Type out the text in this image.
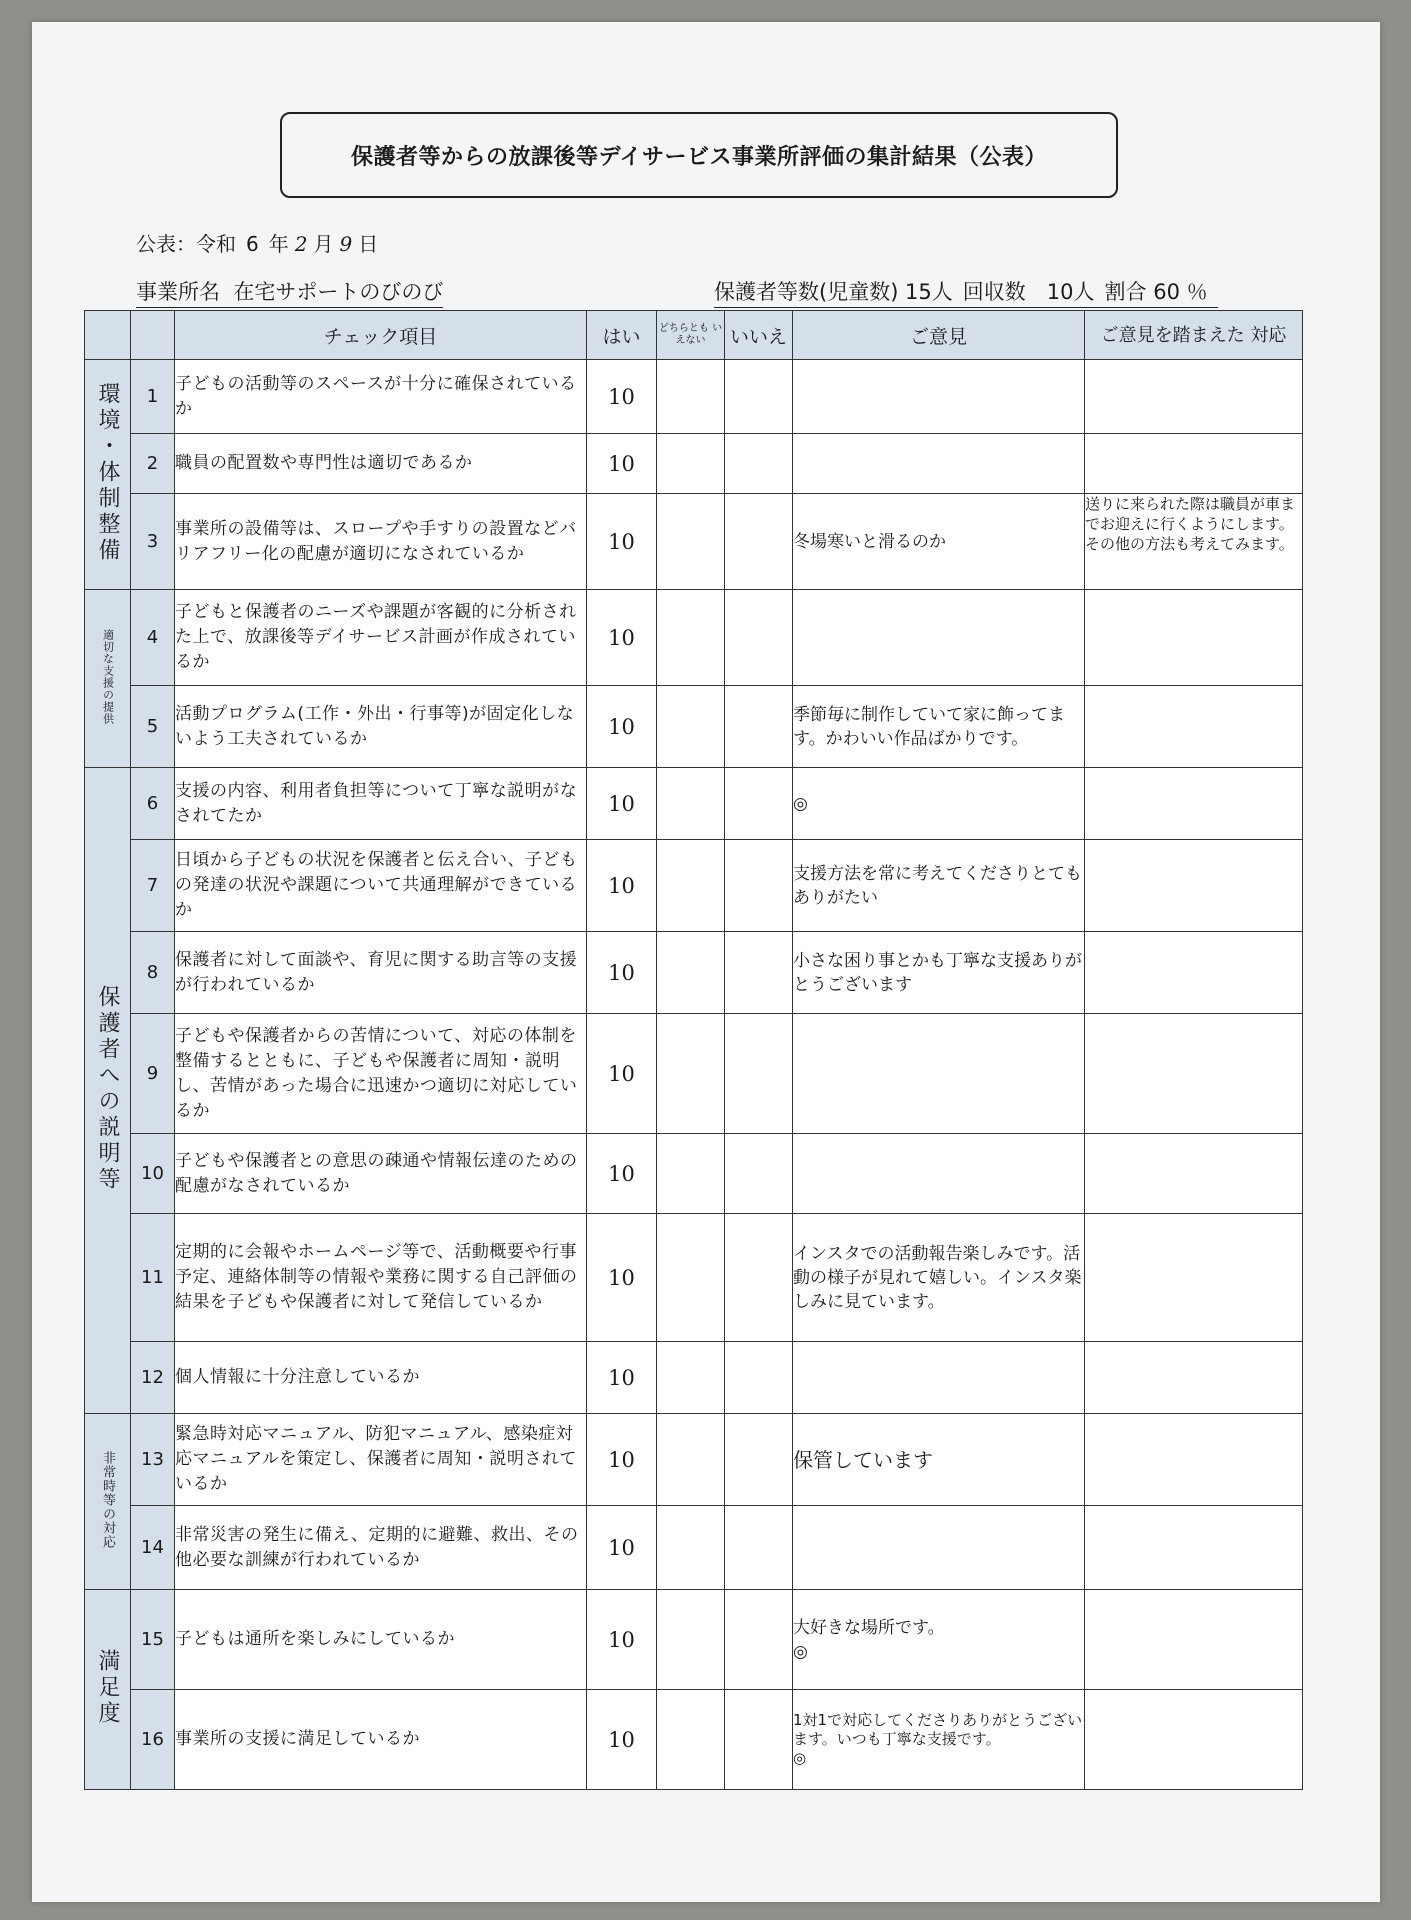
保護者等からの放課後等デイサービス事業所評価の集計結果（公表）
公表：令和 6 年 2 月 9 日
事業所名 在宅サポートのびのび	保護者等数(児童数) 15人 回収数　10人 割合 60 ％
		チェック項目	はい	どちらとも いえない	いいえ	ご意見	ご意見を踏まえた 対応
環境・体制整備	1	子どもの活動等のスペースが十分に確保されているか	10				
	2	職員の配置数や専門性は適切であるか	10				
	3	事業所の設備等は、スロープや手すりの設置などバリアフリー化の配慮が適切になされているか	10			冬場寒いと滑るのか	送りに来られた際は職員が車までお迎えに行くようにします。その他の方法も考えてみます。
適切な支援の提供	4	子どもと保護者のニーズや課題が客観的に分析された上で、放課後等デイサービス計画が作成されているか	10				
	5	活動プログラム(工作・外出・行事等)が固定化しないよう工夫されているか	10			季節毎に制作していて家に飾ってます。かわいい作品ばかりです。	
保護者への説明等	6	支援の内容、利用者負担等について丁寧な説明がなされてたか	10			◎	
	7	日頃から子どもの状況を保護者と伝え合い、子どもの発達の状況や課題について共通理解ができているか	10			支援方法を常に考えてくださりとてもありがたい	
	8	保護者に対して面談や、育児に関する助言等の支援が行われているか	10			小さな困り事とかも丁寧な支援ありがとうございます	
	9	子どもや保護者からの苦情について、対応の体制を整備するとともに、子どもや保護者に周知・説明し、苦情があった場合に迅速かつ適切に対応しているか	10				
	10	子どもや保護者との意思の疎通や情報伝達のための配慮がなされているか	10				
	11	定期的に会報やホームページ等で、活動概要や行事予定、連絡体制等の情報や業務に関する自己評価の結果を子どもや保護者に対して発信しているか	10			インスタでの活動報告楽しみです。活動の様子が見れて嬉しい。インスタ楽しみに見ています。	
	12	個人情報に十分注意しているか	10				
非常時等の対応	13	緊急時対応マニュアル、防犯マニュアル、感染症対応マニュアルを策定し、保護者に周知・説明されているか	10			保管しています	
	14	非常災害の発生に備え、定期的に避難、救出、その他必要な訓練が行われているか	10				
満足度	15	子どもは通所を楽しみにしているか	10			大好きな場所です。
◎	
	16	事業所の支援に満足しているか	10			1対1で対応してくださりありがとうございます。いつも丁寧な支援です。
◎	
